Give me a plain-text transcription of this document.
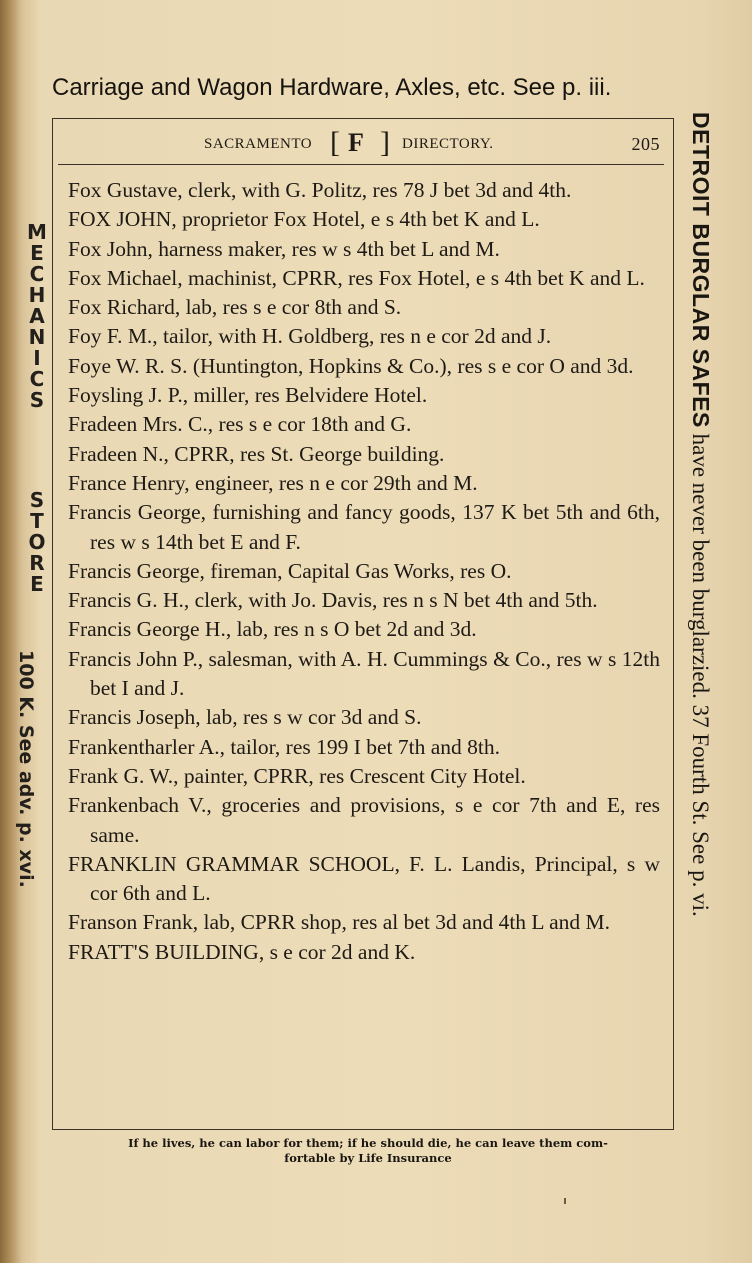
Carriage and Wagon Hardware, Axles, etc. See p. iii.
SACRAMENTO [ F ] DIRECTORY.	205
Fox Gustave, clerk, with G. Politz, res 78 J bet 3d and 4th.
FOX JOHN, proprietor Fox Hotel, e s 4th bet K and L.
Fox John, harness maker, res w s 4th bet L and M.
Fox Michael, machinist, CPRR, res Fox Hotel, e s 4th bet K and L.
Fox Richard, lab, res s e cor 8th and S.
Foy F. M., tailor, with H. Goldberg, res n e cor 2d and J.
Foye W. R. S. (Huntington, Hopkins & Co.), res s e cor O and 3d.
Foysling J. P., miller, res Belvidere Hotel.
Fradeen Mrs. C., res s e cor 18th and G.
Fradeen N., CPRR, res St. George building.
France Henry, engineer, res n e cor 29th and M.
Francis George, furnishing and fancy goods, 137 K bet 5th and 6th, res w s 14th bet E and F.
Francis George, fireman, Capital Gas Works, res O.
Francis G. H., clerk, with Jo. Davis, res n s N bet 4th and 5th.
Francis George H., lab, res n s O bet 2d and 3d.
Francis John P., salesman, with A. H. Cummings & Co., res w s 12th bet I and J.
Francis Joseph, lab, res s w cor 3d and S.
Frankentharler A., tailor, res 199 I bet 7th and 8th.
Frank G. W., painter, CPRR, res Crescent City Hotel.
Frankenbach V., groceries and provisions, s e cor 7th and E, res same.
FRANKLIN GRAMMAR SCHOOL, F. L. Landis, Principal, s w cor 6th and L.
Franson Frank, lab, CPRR shop, res al bet 3d and 4th L and M.
FRATT'S BUILDING, s e cor 2d and K.
M
E
C
H
A
N
I
C
S
S
T
O
R
E
100 K. See adv. p. xvi.
DETROIT BURGLAR SAFES have never been burglarzied. 37 Fourth St. See p. vi.
If he lives, he can labor for them; if he should die, he can leave them com-
fortable by Life Insurance
